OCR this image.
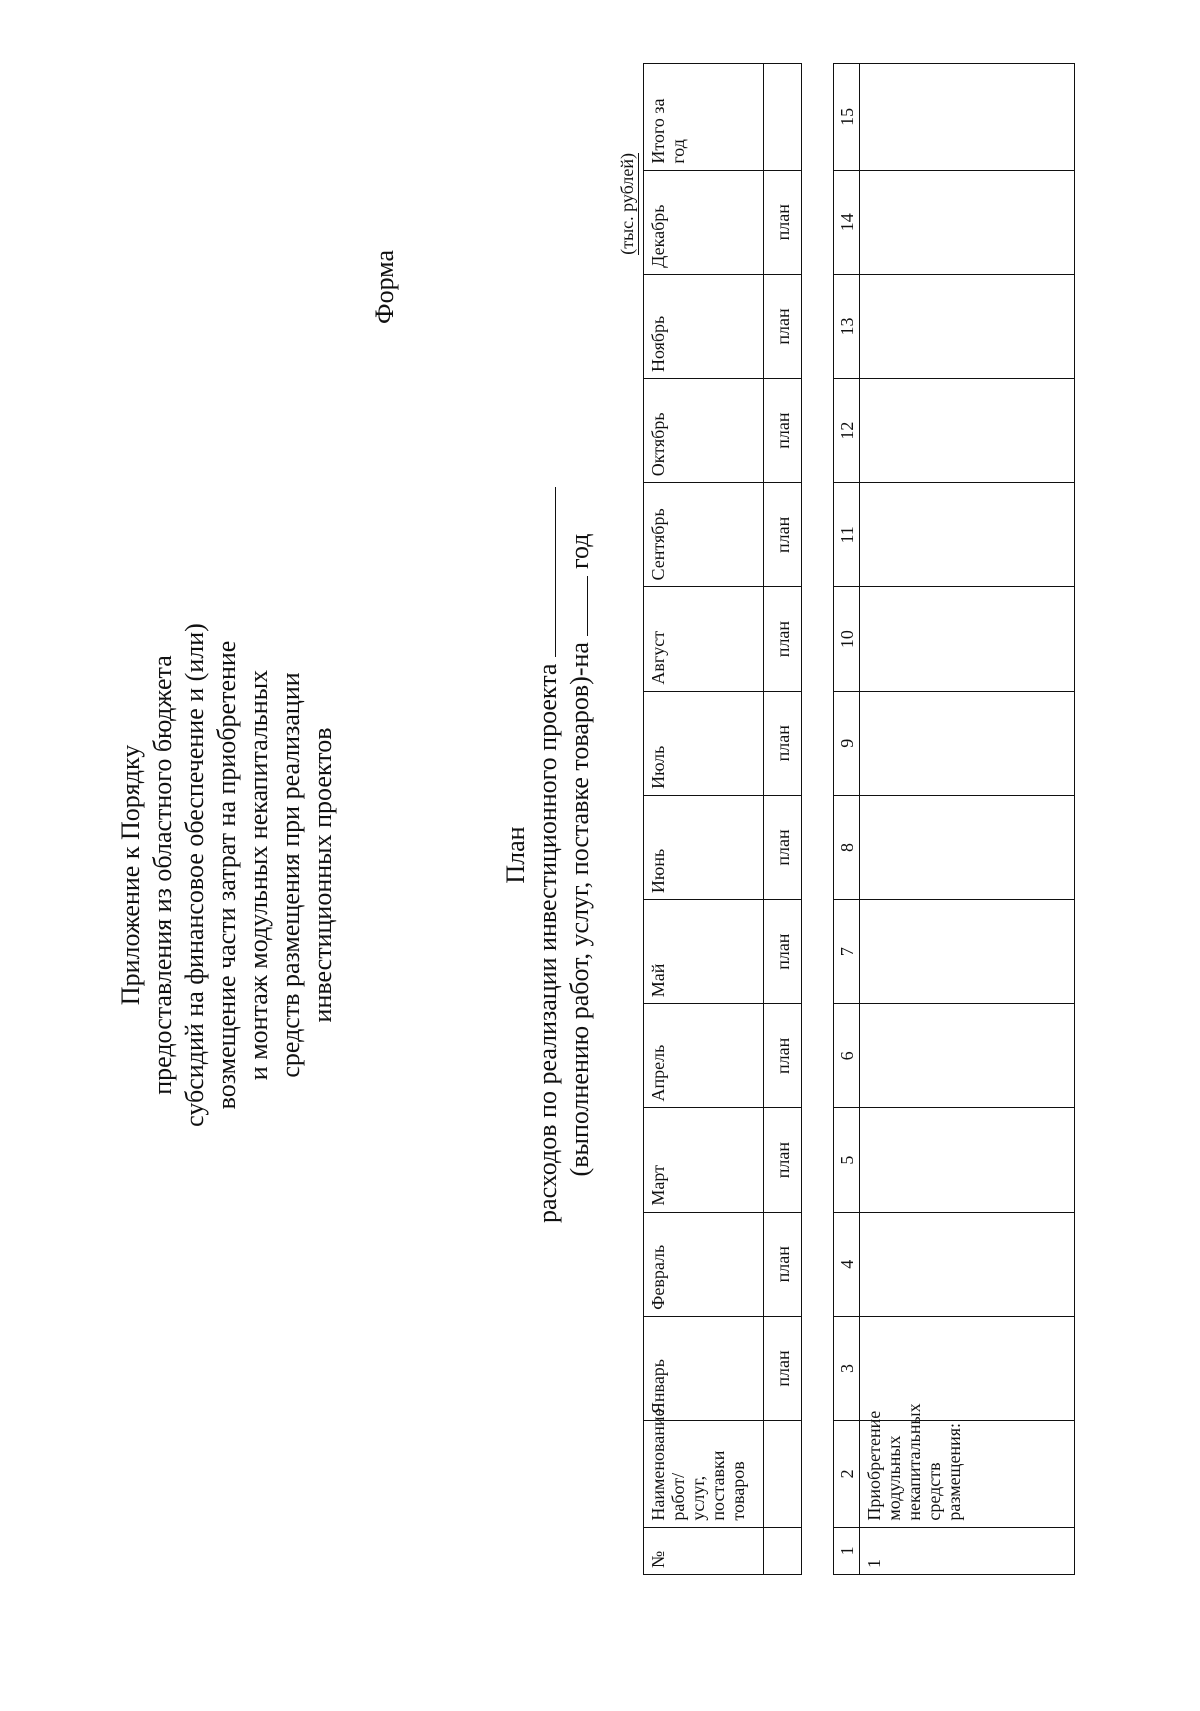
Приложение к Порядку предоставления из областного бюджета субсидий на финансовое обеспечение и (или) возмещение части затрат на приобретение и монтаж модульных некапитальных средств размещения при реализации инвестиционных проектов
Форма
План расходов по реализации инвестиционного проекта (выполнению работ, услуг, поставке товаров)-на  год
(тыс. рублей)
№	Наименование работ/ услуг, поставки товаров	Январь	Февраль	Март	Апрель	Май	Июнь	Июль	Август	Сентябрь	Октябрь	Ноябрь	Декабрь	Итого за год
		план	план	план	план	план	план	план	план	план	план	план	план	
1	2	3	4	5	6	7	8	9	10	11	12	13	14	15
1	Приобретение модульных некапитальных средств размещения:													
